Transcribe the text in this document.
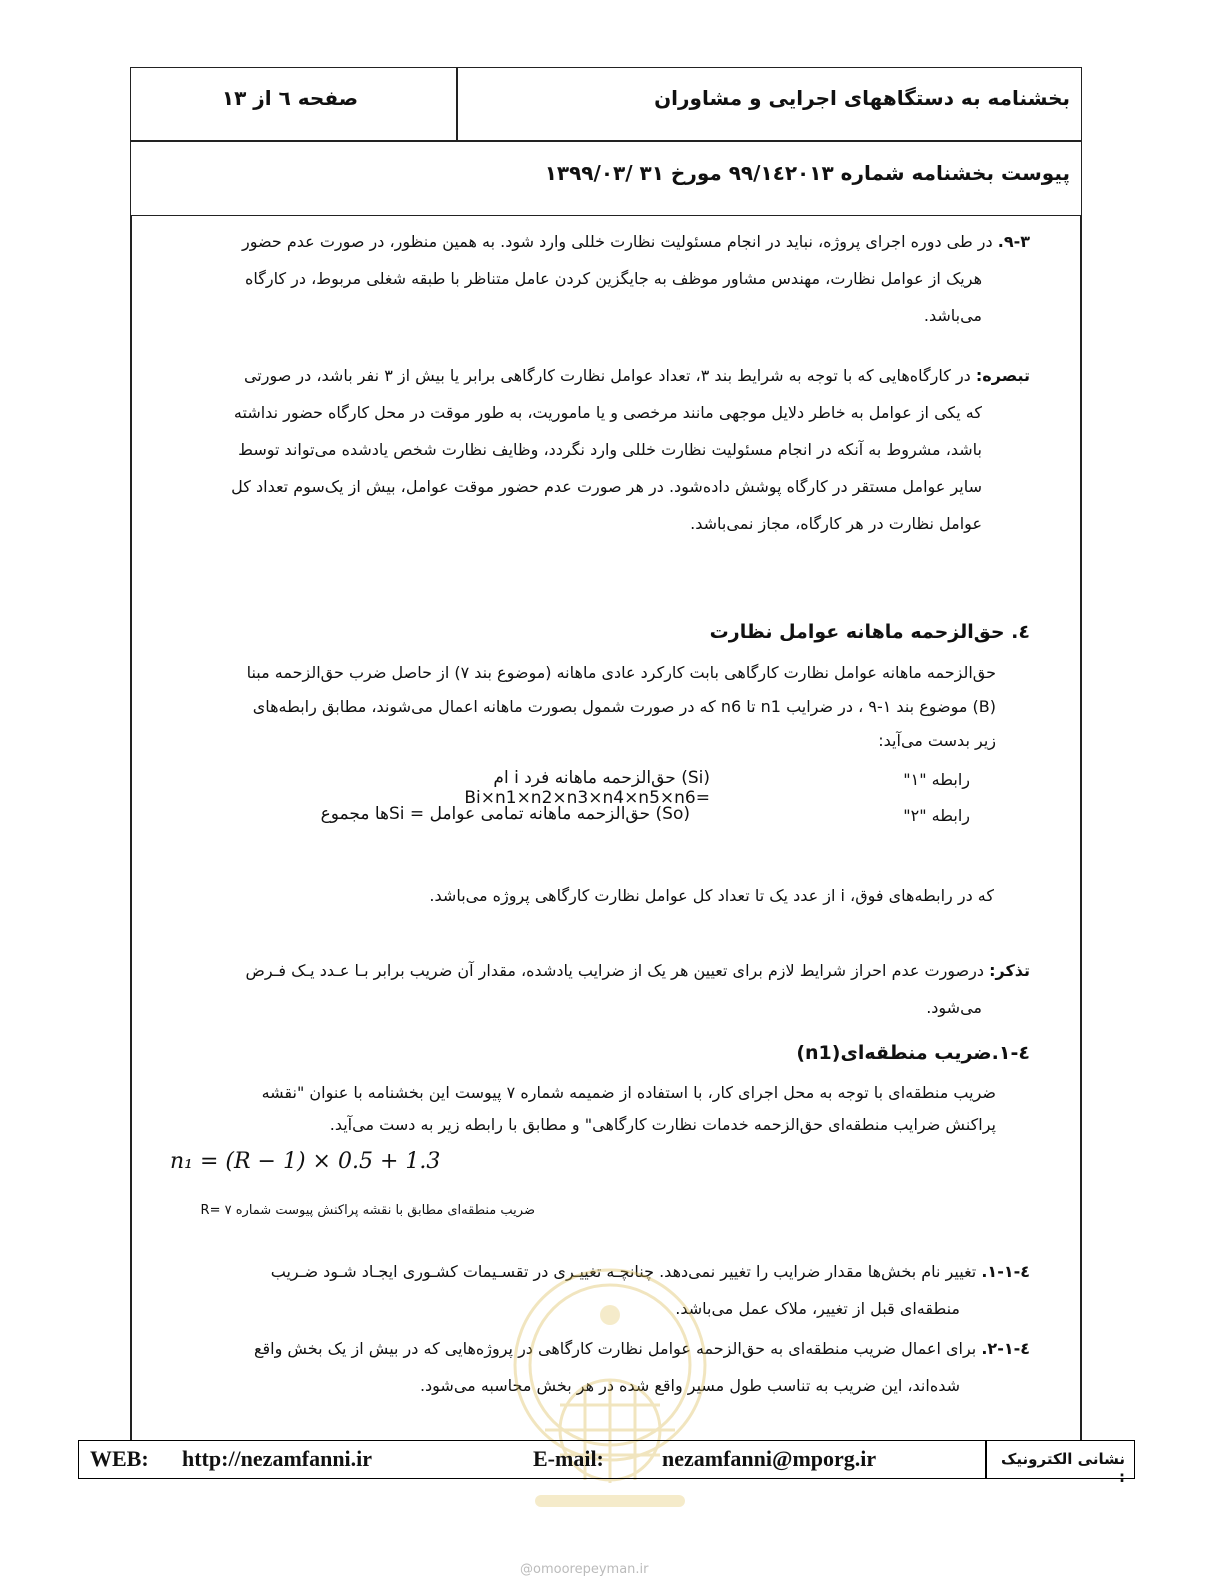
صفحه ٦ از ١٣	بخشنامه به دستگاههای اجرایی و مشاوران
پیوست بخشنامه شماره ٩٩/١٤٢٠١٣ مورخ ٣١ /١٣٩٩/٠٣
٣-٩. در طی دوره اجرای پروژه، نباید در انجام مسئولیت نظارت خللی وارد شود. به همین منظور، در صورت عدم حضور
هریک از عوامل نظارت، مهندس مشاور موظف به جایگزین کردن عامل متناظر با طبقه شغلی مربوط، در کارگاه
می‌باشد.
تبصره: در کارگاه‌هایی که با توجه به شرایط بند ٣، تعداد عوامل نظارت کارگاهی برابر یا بیش از ٣ نفر باشد، در صورتی
که یکی از عوامل به خاطر دلایل موجهی مانند مرخصی و یا ماموریت، به طور موقت در محل کارگاه حضور نداشته
باشد، مشروط به آنکه در انجام مسئولیت نظارت خللی وارد نگردد، وظایف نظارت شخص یادشده می‌تواند توسط
سایر عوامل مستقر در کارگاه پوشش داده‌شود. در هر صورت عدم حضور موقت عوامل، بیش از یک‌سوم تعداد کل
عوامل نظارت در هر کارگاه، مجاز نمی‌باشد.
٤. حق‌الزحمه ماهانه عوامل نظارت
حق‌الزحمه ماهانه عوامل نظارت کارگاهی بابت کارکرد عادی ماهانه (موضوع بند ٧) از حاصل ضرب حق‌الزحمه مبنا
(B) موضوع بند ١-٩ ، در ضرایب n1 تا n6 که در صورت شمول بصورت ماهانه اعمال می‌شوند، مطابق رابطه‌های
زیر بدست می‌آید:
رابطه "١"
(Si) حق‌الزحمه ماهانه فرد i ام =Bi×n1×n2×n3×n4×n5×n6
رابطه "٢"
(So) حق‌الزحمه ماهانه تمامی عوامل = Si‌ها مجموع
که در رابطه‌های فوق، i از عدد یک تا تعداد کل عوامل نظارت کارگاهی پروژه می‌باشد.
تذکر: درصورت عدم احراز شرایط لازم برای تعیین هر یک از ضرایب یادشده، مقدار آن ضریب برابر بـا عـدد یـک فـرض
می‌شود.
٤-١.ضریب منطقه‌ای(n1)
ضریب منطقه‌ای با توجه به محل اجرای کار، با استفاده از ضمیمه شماره ٧ پیوست این بخشنامه با عنوان "نقشه
پراکنش ضرایب منطقه‌ای حق‌الزحمه خدمات نظارت کارگاهی" و مطابق با رابطه زیر به دست می‌آید.
n₁ = (R − 1) × 0.5 + 1.3
ضریب منطقه‌ای مطابق با نقشه پراکنش پیوست شماره ٧ =R
٤-١-١. تغییر نام بخش‌ها مقدار ضرایب را تغییر نمی‌دهد. چنانچـه تغییـری در تقسـیمات کشـوری ایجـاد شـود ضـریب
منطقه‌ای قبل از تغییر، ملاک عمل می‌باشد.
٤-١-٢. برای اعمال ضریب منطقه‌ای به حق‌الزحمه عوامل نظارت کارگاهی در پروژه‌هایی که در بیش از یک بخش واقع
شده‌اند، این ضریب به تناسب طول مسیر واقع شده در هر بخش محاسبه می‌شود.
WEB: http://nezamfanni.ir	E-mail:	nezamfanni@mporg.ir	نشانی الکترونیک :
@omoorepeyman.ir
